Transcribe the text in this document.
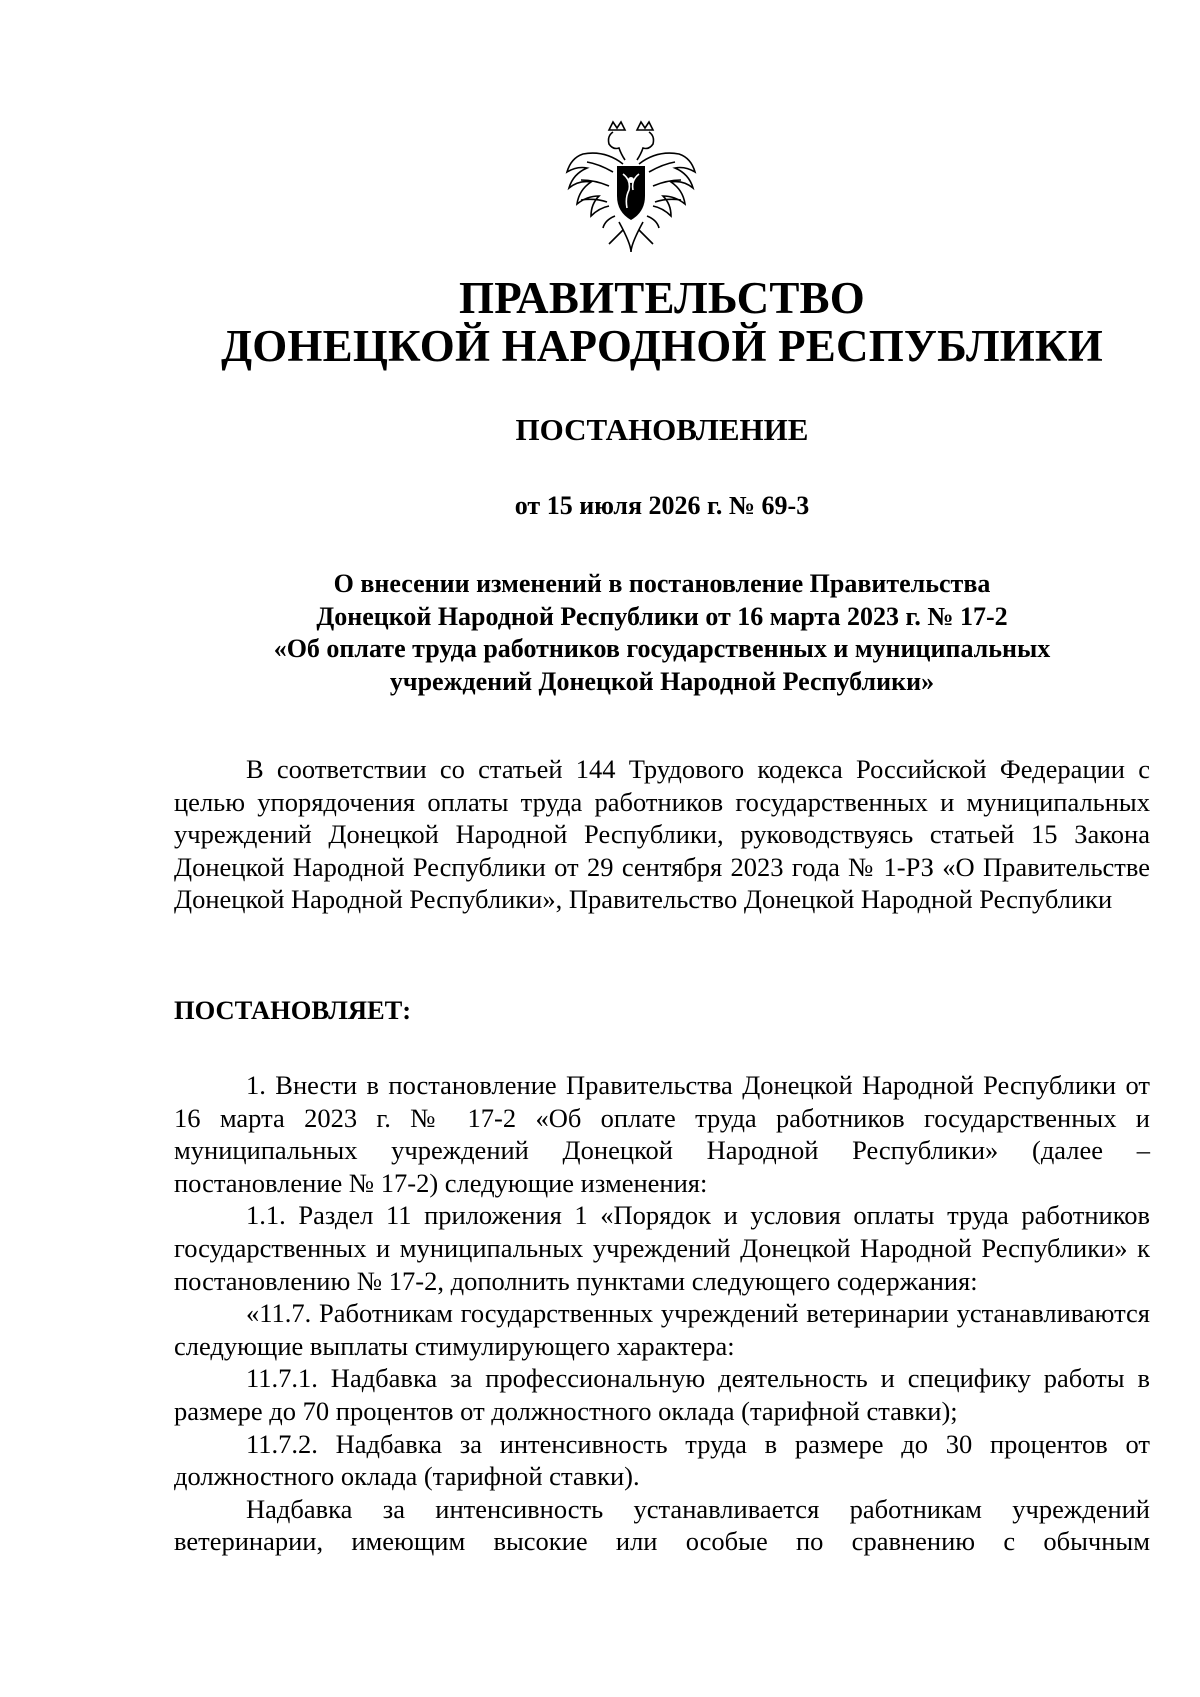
ПРАВИТЕЛЬСТВО
ДОНЕЦКОЙ НАРОДНОЙ РЕСПУБЛИКИ
ПОСТАНОВЛЕНИЕ
от 15 июля 2026 г. № 69-3
О внесении изменений в постановление Правительства
Донецкой Народной Республики от 16 марта 2023 г. № 17-2
«Об оплате труда работников государственных и муниципальных
учреждений Донецкой Народной Республики»

В соответствии со статьей 144 Трудового кодекса Российской Федерации с целью упорядочения оплаты труда работников государственных и муниципальных учреждений Донецкой Народной Республики, руководствуясь статьей 15 Закона Донецкой Народной Республики от 29 сентября 2023 года № 1-РЗ «О Правительстве Донецкой Народной Республики», Правительство Донецкой Народной Республики

ПОСТАНОВЛЯЕТ:

1. Внести в постановление Правительства Донецкой Народной Республики от 16 марта 2023 г. № 17-2 «Об оплате труда работников государственных и муниципальных учреждений Донецкой Народной Республики» (далее – постановление № 17-2) следующие изменения:

1.1. Раздел 11 приложения 1 «Порядок и условия оплаты труда работников государственных и муниципальных учреждений Донецкой Народной Республики» к постановлению № 17-2, дополнить пунктами следующего содержания:

«11.7. Работникам государственных учреждений ветеринарии устанавливаются следующие выплаты стимулирующего характера:

11.7.1. Надбавка за профессиональную деятельность и специфику работы в размере до 70 процентов от должностного оклада (тарифной ставки);

11.7.2. Надбавка за интенсивность труда в размере до 30 процентов от должностного оклада (тарифной ставки).

Надбавка за интенсивность устанавливается работникам учреждений ветеринарии, имеющим высокие или особые по сравнению с обычным
